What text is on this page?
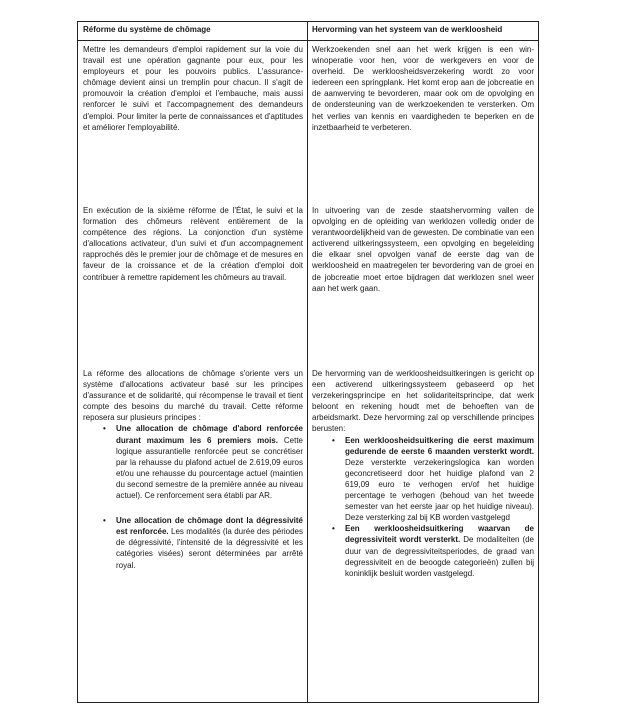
Réforme du système de chômage	Hervorming van het systeem van de werkloosheid

Mettre les demandeurs d'emploi rapidement sur la voie du travail est une opération gagnante pour eux, pour les employeurs et pour les pouvoirs publics. L'assurance-chômage devient ainsi un tremplin pour chacun. Il s'agit de promouvoir la création d'emploi et l'embauche, mais aussi renforcer le suivi et l'accompagnement des demandeurs d'emploi. Pour limiter la perte de connaissances et d'aptitudes et améliorer l'employabilité.

Werkzoekenden snel aan het werk krijgen is een win-winoperatie voor hen, voor de werkgevers en voor de overheid. De werkloosheidsverzekering wordt zo voor iedereen een springplank. Het komt erop aan de jobcreatie en de aanwerving te bevorderen, maar ook om de opvolging en de ondersteuning van de werkzoekenden te versterken. Om het verlies van kennis en vaardigheden te beperken en de inzetbaarheid te verbeteren.

En exécution de la sixième réforme de l'État, le suivi et la formation des chômeurs relèvent entièrement de la compétence des régions. La conjonction d'un système d'allocations activateur, d'un suivi et d'un accompagnement rapprochés dès le premier jour de chômage et de mesures en faveur de la croissance et de la création d'emploi doit contribuer à remettre rapidement les chômeurs au travail.

In uitvoering van de zesde staatshervorming vallen de opvolging en de opleiding van werklozen volledig onder de verantwoordelijkheid van de gewesten. De combinatie van een activerend uitkeringssysteem, een opvolging en begeleiding die elkaar snel opvolgen vanaf de eerste dag van de werkloosheid en maatregelen ter bevordering van de groei en de jobcreatie moet ertoe bijdragen dat werklozen snel weer aan het werk gaan.

La réforme des allocations de chômage s'oriente vers un système d'allocations activateur basé sur les principes d'assurance et de solidarité, qui récompense le travail et tient compte des besoins du marché du travail. Cette réforme reposera sur plusieurs principes :

• Une allocation de chômage d'abord renforcée durant maximum les 6 premiers mois. Cette logique assurantielle renforcée peut se concrétiser par la rehausse du plafond actuel de 2.619,09 euros et/ou une rehausse du pourcentage actuel (maintien du second semestre de la première année au niveau actuel). Ce renforcement sera établi par AR.
• Une allocation de chômage dont la dégressivité est renforcée. Les modalités (la durée des périodes de dégressivité, l'intensité de la dégressivité et les catégories visées) seront déterminées par arrêté royal.

De hervorming van de werkloosheidsuitkeringen is gericht op een activerend uitkeringssysteem gebaseerd op het verzekeringsprincipe en het solidariteitsprincipe, dat werk beloont en rekening houdt met de behoeften van de arbeidsmarkt. Deze hervorming zal op verschillende principes berusten:

• Een werkloosheidsuitkering die eerst maximum gedurende de eerste 6 maanden versterkt wordt. Deze versterkte verzekeringslogica kan worden geconcretiseerd door het huidige plafond van 2 619,09 euro te verhogen en/of het huidige percentage te verhogen (behoud van het tweede semester van het eerste jaar op het huidige niveau). Deze versterking zal bij KB worden vastgelegd
• Een werkloosheidsuitkering waarvan de degressiviteit wordt versterkt. De modaliteiten (de duur van de degressiviteitsperiodes, de graad van degressiviteit en de beoogde categorieën) zullen bij koninklijk besluit worden vastgelegd.
